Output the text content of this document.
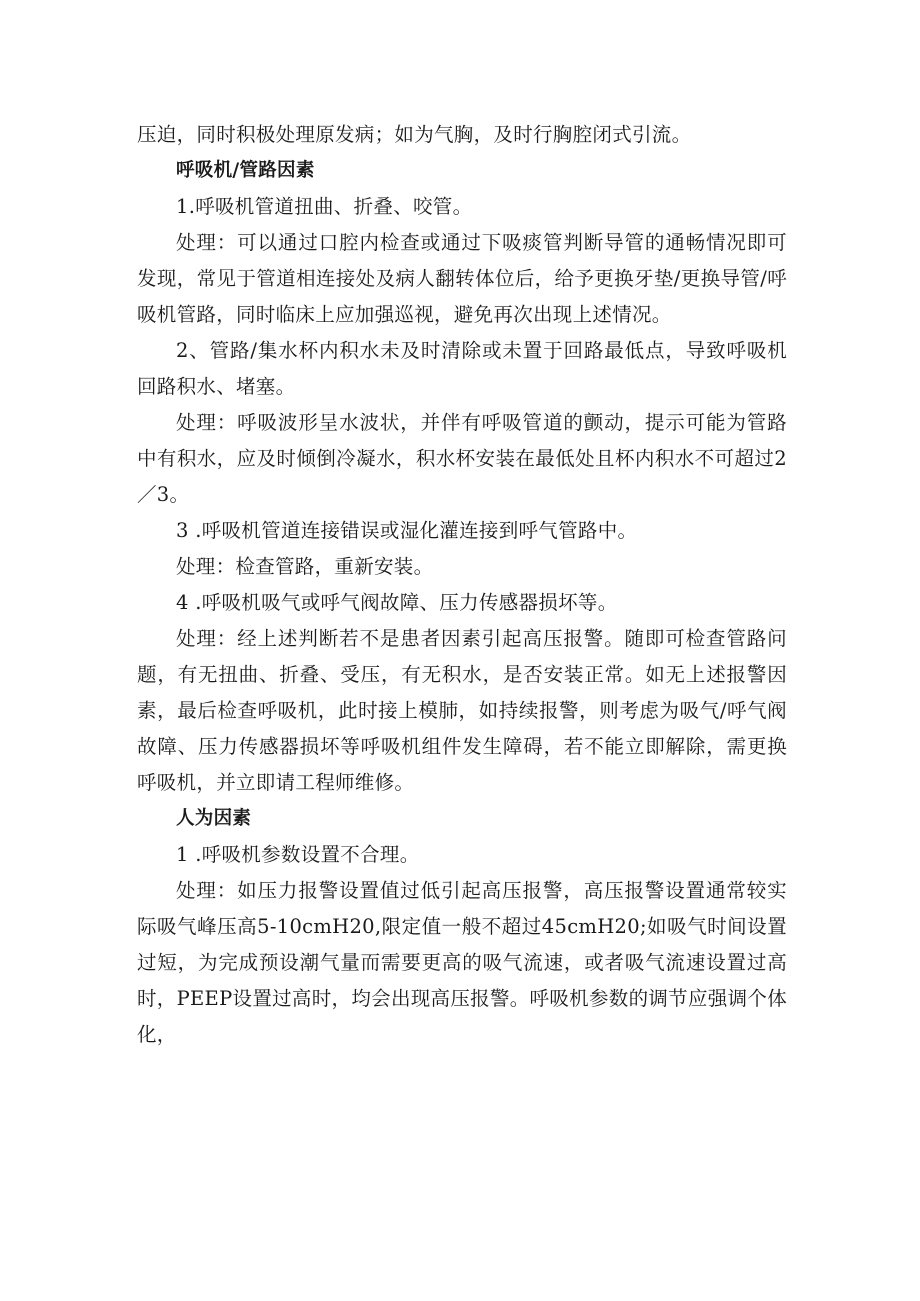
压迫，同时积极处理原发病；如为气胸，及时行胸腔闭式引流。

呼吸机/管路因素

1.呼吸机管道扭曲、折叠、咬管。

处理：可以通过口腔内检查或通过下吸痰管判断导管的通畅情况即可发现，常见于管道相连接处及病人翻转体位后，给予更换牙垫/更换导管/呼吸机管路，同时临床上应加强巡视，避免再次出现上述情况。

2、管路/集水杯内积水未及时清除或未置于回路最低点，导致呼吸机回路积水、堵塞。

处理：呼吸波形呈水波状，并伴有呼吸管道的颤动，提示可能为管路中有积水，应及时倾倒冷凝水，积水杯安装在最低处且杯内积水不可超过2／3。

3 .呼吸机管道连接错误或湿化灌连接到呼气管路中。

处理：检查管路，重新安装。

4 .呼吸机吸气或呼气阀故障、压力传感器损坏等。

处理：经上述判断若不是患者因素引起高压报警。随即可检查管路问题，有无扭曲、折叠、受压，有无积水，是否安装正常。如无上述报警因素，最后检查呼吸机，此时接上模肺，如持续报警，则考虑为吸气/呼气阀故障、压力传感器损坏等呼吸机组件发生障碍，若不能立即解除，需更换呼吸机，并立即请工程师维修。

人为因素

1 .呼吸机参数设置不合理。

处理：如压力报警设置值过低引起高压报警，高压报警设置通常较实际吸气峰压高5-10cmH20,限定值一般不超过45cmH20;如吸气时间设置过短，为完成预设潮气量而需要更高的吸气流速，或者吸气流速设置过高时，PEEP设置过高时，均会出现高压报警。呼吸机参数的调节应强调个体化，
